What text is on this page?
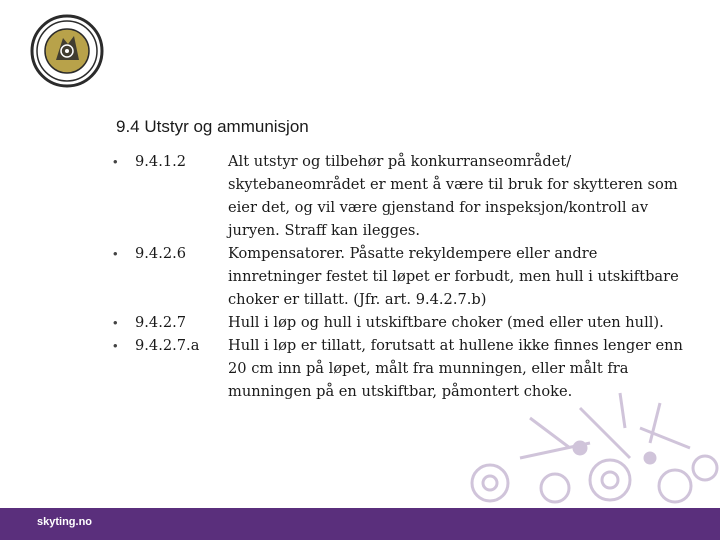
9.4 Utstyr og ammunisjon
• 9.4.1.2	Alt utstyr og tilbehør på konkurranseområdet/ skytebaneområdet er ment å være til bruk for skytteren som eier det, og vil være gjenstand for inspeksjon/kontroll av juryen. Straff kan ilegges.
• 9.4.2.6	Kompensatorer. Påsatte rekyldempere eller andre innretninger festet til løpet er forbudt, men hull i utskiftbare choker er tillatt. (Jfr. art. 9.4.2.7.b)
• 9.4.2.7	Hull i løp og hull i utskiftbare choker (med eller uten hull).
• 9.4.2.7.a Hull i løp er tillatt, forutsatt at hullene ikke finnes lenger enn 20 cm inn på løpet, målt fra munningen, eller målt fra munningen på en utskiftbar, påmontert choke.
skyting.no
